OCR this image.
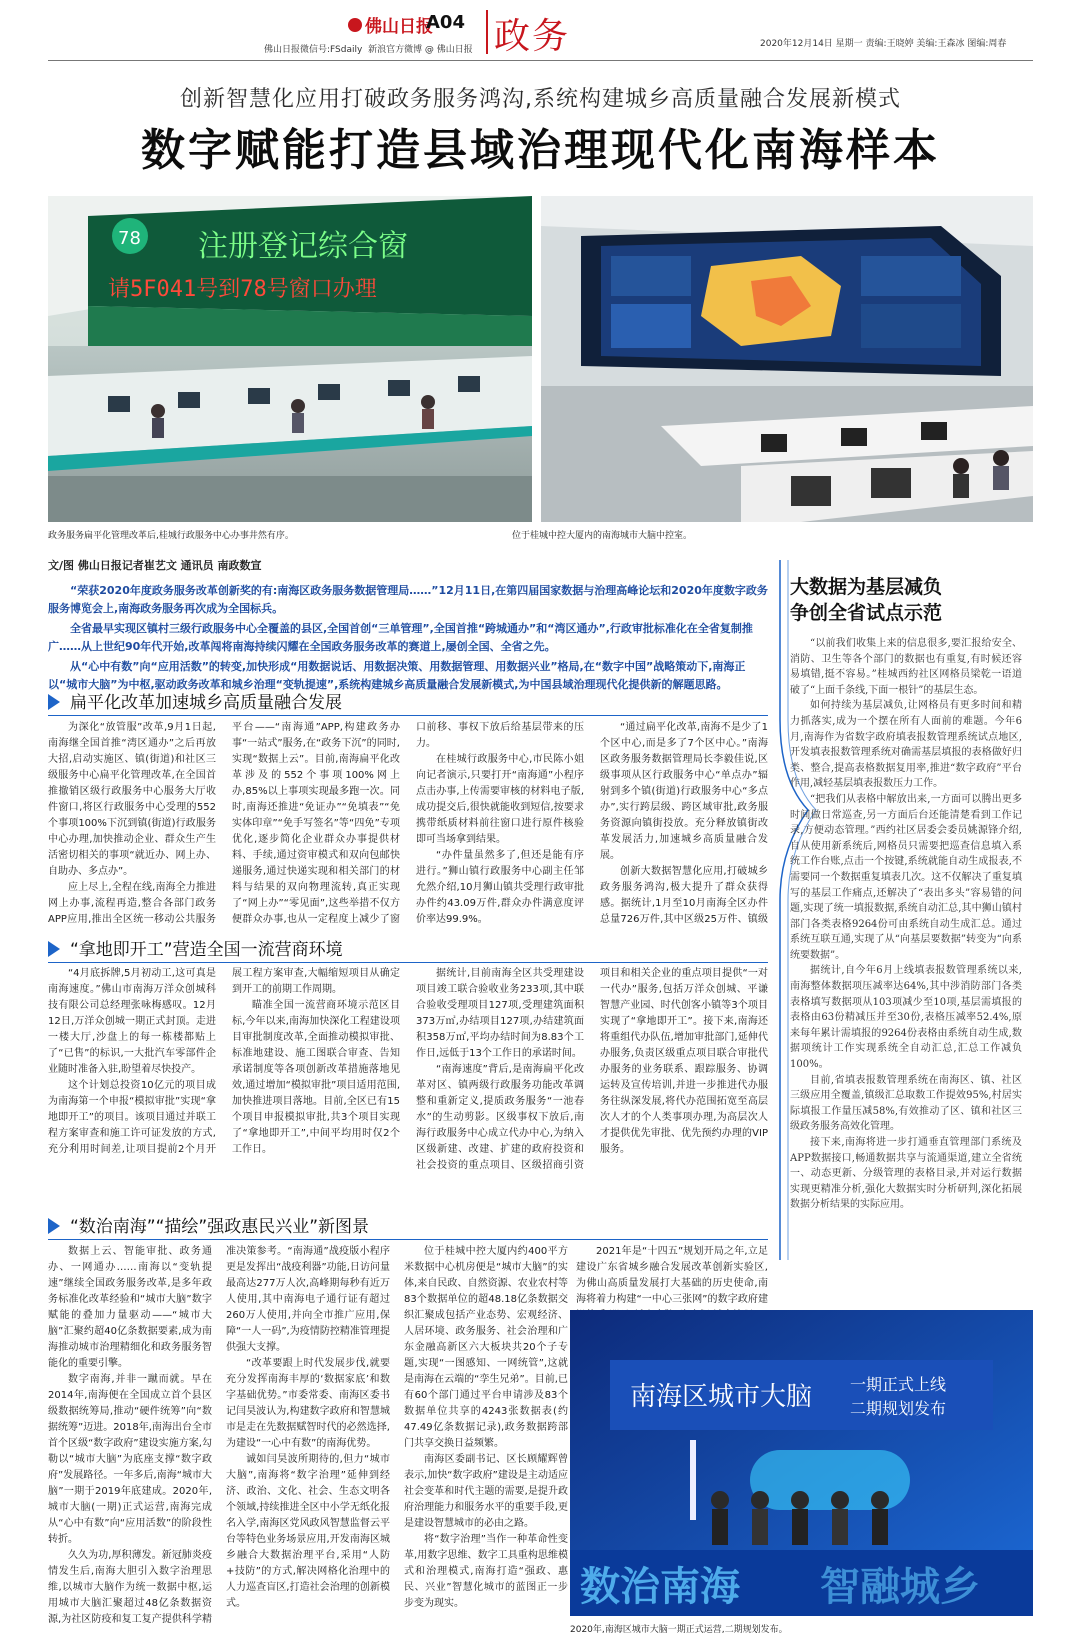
佛山日报
A04 政务
佛山日报微信号:FSdaily 新浪官方微博 @ 佛山日报
2020年12月14日 星期一 责编:王晓婷 美编:王森冰 图编:周春
创新智慧化应用打破政务服务鸿沟,系统构建城乡高质量融合发展新模式
数字赋能打造县域治理现代化南海样本
注册登记综合窗
请5F041号到78号窗口办理
78
政务服务扁平化管理改革后,桂城行政服务中心办事井然有序。	位于桂城中控大厦内的南海城市大脑中控室。
文/图 佛山日报记者崔艺文 通讯员 南政数宣

“荣获2020年度政务服务改革创新奖的有:南海区政务服务数据管理局……”12月11日,在第四届国家数据与治理高峰论坛和2020年度数字政务服务博览会上,南海政务服务再次成为全国标兵。

全省最早实现区镇村三级行政服务中心全覆盖的县区,全国首创“三单管理”,全国首推“跨城通办”和“湾区通办”,行政审批标准化在全省复制推广……从上世纪90年代开始,改革闯将南海持续闪耀在全国政务服务改革的赛道上,屡创全国、全省之先。

从“心中有数”向“应用活数”的转变,加快形成“用数据说话、用数据决策、用数据管理、用数据兴业”格局,在“数字中国”战略策动下,南海正以“城市大脑”为中枢,驱动政务改革和城乡治理“变轨提速”,系统构建城乡高质量融合发展新模式,为中国县域治理现代化提供新的解题思路。

扁平化改革加速城乡高质量融合发展

为深化“放管服”改革,9月1日起,南海继全国首推“湾区通办”之后再放大招,启动实施区、镇(街道)和社区三级服务中心扁平化管理改革,在全国首推撤销区级行政服务中心服务大厅收件窗口,将区行政服务中心受理的552个事项100%下沉到镇(街道)行政服务中心办理,加快推动企业、群众生产生活密切相关的事项“就近办、网上办、自助办、多点办”。

应上尽上,全程在线,南海全力推进网上办事,流程再造,整合各部门政务APP应用,推出全区统一移动公共服务平台——“南海通”APP,构建政务办事“一站式”服务,在“政务下沉”的同时,实现“数据上云”。目前,南海扁平化改革涉及的552个事项100%网上办,85%以上事项实现最多跑一次。同时,南海还推进“免证办”“免填表”“免实体印章”“免手写签名”等“四免”专项优化,逐步简化企业群众办事提供材料、手续,通过资审模式和双向包邮快递服务,通过快递实现和相关部门的材料与结果的双向物理流转,真正实现了“网上办”“零见面”,这些举措不仅方便群众办事,也从一定程度上减少了窗口前移、事权下放后给基层带来的压力。

在桂城行政服务中心,市民陈小姐向记者演示,只要打开“南海通”小程序点击办事,上传需要审核的材料电子版,成功提交后,很快就能收到短信,按要求携带纸质材料前往窗口进行原件核验即可当场拿到结果。

“办件量虽然多了,但还是能有序进行。”狮山镇行政服务中心副主任邹允然介绍,10月狮山镇共受理行政审批办件约43.09万件,群众办件满意度评价率达99.9%。

“通过扁平化改革,南海不是少了1个区中心,而是多了7个区中心。”南海区政务服务数据管理局长李毅佳说,区级事项从区行政服务中心“单点办”辐射到多个镇(街道)行政服务中心“多点办”,实行跨层级、跨区域审批,政务服务资源向镇街投放。充分释放镇街改革发展活力,加速城乡高质量融合发展。

创新大数据智慧化应用,打破城乡政务服务鸿沟,极大提升了群众获得感。据统计,1月至10月南海全区办件总量726万件,其中区级25万件、镇级

“拿地即开工”营造全国一流营商环境

“4月底拆牌,5月初动工,这可真是南海速度。”佛山市南海万洋众创城科技有限公司总经理张咏梅感叹。12月12日,万洋众创城一期正式封顶。走进一楼大厅,沙盘上的每一栋楼都贴上了“已售”的标识,一大批汽车零部件企业随时准备入驻,盼望着尽快投产。

这个计划总投资10亿元的项目成为南海第一个申报“模拟审批”实现“拿地即开工”的项目。该项目通过并联工程方案审查和施工许可证发放的方式,充分利用时间差,让项目提前2个月开展工程方案审查,大幅缩短项目从确定到开工的前期工作周期。

瞄准全国一流营商环境示范区目标,今年以来,南海加快深化工程建设项目审批制度改革,全面推动模拟审批、标准地建设、施工图联合审查、告知承诺制度等各项创新改革措施落地见效,通过增加“模拟审批”项目适用范围,加快推进项目落地。目前,全区已有15个项目申报模拟审批,共3个项目实现了“拿地即开工”,中间平均用时仅2个工作日。

据统计,目前南海全区共受理建设项目竣工联合验收业务233项,其中联合验收受理项目127项,受理建筑面积373万㎡,办结项目127项,办结建筑面积358万㎡,平均办结时间为8.83个工作日,远低于13个工作日的承诺时间。

“南海速度”背后,是南海扁平化改革对区、镇两级行政服务功能改革调整和重新定义,提质政务服务“一池春水”的生动剪影。区级事权下放后,南海行政服务中心成立代办中心,为纳入区级新建、改建、扩建的政府投资和社会投资的重点项目、区级招商引资项目和相关企业的重点项目提供“一对一代办”服务,包括万洋众创城、平谦智慧产业园、时代创客小镇等3个项目实现了“拿地即开工”。接下来,南海还将重组代办队伍,增加审批部门,延伸代办服务,负责区级重点项目联合审批代办服务的业务联系、跟踪服务、协调运转及宣传培训,并进一步推进代办服务往纵深发展,将代办范围拓宽至高层次人才的个人类事项办理,为高层次人才提供优先审批、优先预约办理的VIP服务。

“数治南海”“描绘”强政惠民兴业”新图景

数据上云、智能审批、政务通办、一网通办……南海以“变轨提速”继续全国政务服务改革,是多年政务标准化改革经验和“城市大脑”数字赋能的叠加力量驱动——“城市大脑”汇聚约超40亿条数据要素,成为南海推动城市治理精细化和政务服务智能化的重要引擎。

数字南海,并非一蹴而就。早在2014年,南海便在全国成立首个县区级数据统筹局,推动“硬件统筹”向“数据统筹”迈进。2018年,南海出台全市首个区级“数字政府”建设实施方案,勾勒以“城市大脑”为底座支撑“数字政府”发展路径。一年多后,南海“城市大脑”一期于2019年底建成。2020年,城市大脑(一期)正式运营,南海完成从“心中有数”向“应用活数”的阶段性转折。

久久为功,厚积薄发。新冠肺炎疫情发生后,南海大胆引入数字治理思维,以城市大脑作为统一数据中枢,运用城市大脑汇聚超过48亿条数据资源,为社区防疫和复工复产提供科学精准决策参考。“南海通”战疫版小程序更是发挥出“战疫利器”功能,日访问量最高达277万人次,高峰期每秒有近万人使用,其中南海电子通行证有超过260万人使用,并向全市推广应用,保障“一人一码”,为疫情防控精准管理提供强大支撑。

“改革要跟上时代发展步伐,就要充分发挥南海丰厚的‘数据家底’和数字基础优势。”市委常委、南海区委书记闫昊波认为,构建数字政府和智慧城市是走在先数据赋智时代的必然选择,为建设“一心中有数”的南海优势。

诚如闫昊波所期待的,但力“城市大脑”,南海将“数字治理”延伸到经济、政治、文化、社会、生态文明各个领域,持续推进全区中小学无纸化报名入学,南海区党风政风智慧监督云平台等特色业务场景应用,开发南海区城乡融合大数据治理平台,采用“人防+技防”的方式,解决网格化治理中的人力巡查盲区,打造社会治理的创新模式。

位于桂城中控大厦内约400平方米数据中心机房便是“城市大脑”的实体,来自民政、自然资源、农业农村等83个数据单位的超48.18亿条数据交织汇聚成包括产业态势、宏观经济、人居环境、政务服务、社会治理和广东金融高新区六大板块共20个子专题,实现“一图感知、一网统管”,这就是南海在云端的“孪生兄弟”。目前,已有60个部门通过平台申请涉及83个数据单位共享的4243张数据表(约47.49亿条数据记录),政务数据跨部门共享交换日益频繁。

南海区委副书记、区长顾耀辉曾表示,加快“数字政府”建设是主动适应社会变革和时代主题的需要,是提升政府治理能力和服务水平的重要手段,更是建设智慧城市的必由之路。

将“数字治理”当作一种革命性变革,用数字思维、数字工具重构思维模式和治理模式,南海打造“强政、惠民、兴业”智慧化城市的蓝图正一步步变为现实。

2021年是“十四五”规划开局之年,立足建设广东省城乡融合发展改革创新实验区,为佛山高质量发展打大基础的历史使命,南海将着力构建“一中心三张网”的数字政府建

南海区城市大脑 一期正式上线
二期规划发布
数治南海 智融城乡
2020年,南海区城市大脑一期正式运营,二期规划发布。
大数据为基层减负
争创全省试点示范

“以前我们收集上来的信息很多,要汇报给安全、消防、卫生等各个部门的数据也有重复,有时候还容易填错,挺不容易。”桂城西約社区网格员梁乾一语道破了“上面千条线,下面一根针”的基层生态。

如何持续为基层减负,让网格员有更多时间和精力抓落实,成为一个摆在所有人面前的难题。今年6月,南海作为省数字政府填表报数管理系统试点地区,开发填表报数管理系统对确需基层填报的表格做好归类、整合,提高表格数据复用率,推进“数字政府”平台作用,减轻基层填表报数压力工作。

“把我们从表格中解放出来,一方面可以腾出更多时间做日常巡查,另一方面后台还能清楚看到工作记录,方便动态管理。”西约社区居委会委员姚源锋介绍,自从使用新系统后,网格员只需要把巡查信息填入系统工作台账,点击一个按键,系统就能自动生成报表,不需要同一个数据重复填表几次。这不仅解决了重复填写的基层工作痛点,还解决了“表出多头”容易错的问题,实现了统一填报数据,系统自动汇总,其中狮山镇村部门各类表格9264份可由系统自动生成汇总。通过系统互联互通,实现了从“向基层要数据”转变为“向系统要数据”。

据统计,自今年6月上线填表报数管理系统以来,南海整体数据项压减率达64%,其中涉消防部门各类表格填写数据项从103项减少至10项,基层需填报的表格由63份精减压并至30份,表格压减率52.4%,原来每年累计需填报的9264份表格由系统自动生成,数据项统计工作实现系统全自动汇总,汇总工作减负100%。

目前,省填表报数管理系统在南海区、镇、社区三级应用全覆盖,镇级汇总取数工作提效95%,村居实际填报工作量压减58%,有效推动了区、镇和社区三级政务服务高效化管理。

接下来,南海将进一步打通垂直管理部门系统及APP数据接口,畅通数据共享与流通渠道,建立全省统一、动态更新、分级管理的表格目录,并对运行数据实现更精准分析,强化大数据实时分析研判,深化拓展数据分析结果的实际应用。
